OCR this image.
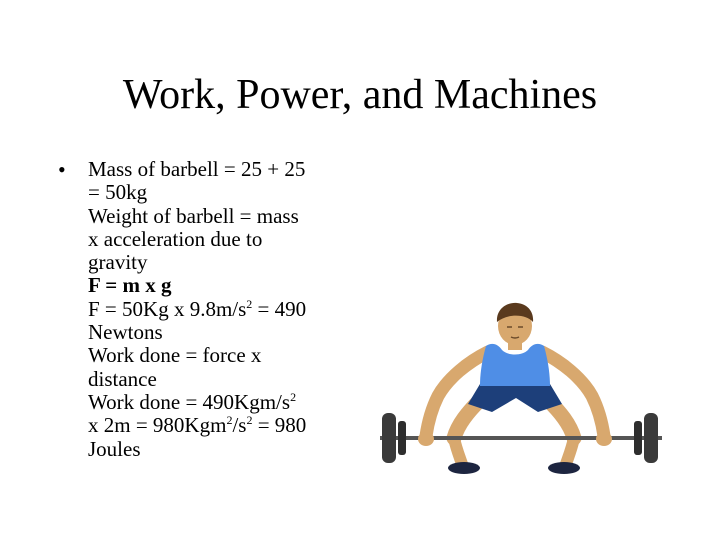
Work, Power, and Machines
• Mass of barbell = 25 + 25
= 50kg
Weight of barbell = mass
x acceleration due to
gravity
F = m x g
F = 50Kg x $9.8m/s^2 = 490$
Newtons
Work done = force x
distance
Work done = $490Kgm/s^2$
x $2m = 980Kgm^2/s^2 = 980$
Joules
